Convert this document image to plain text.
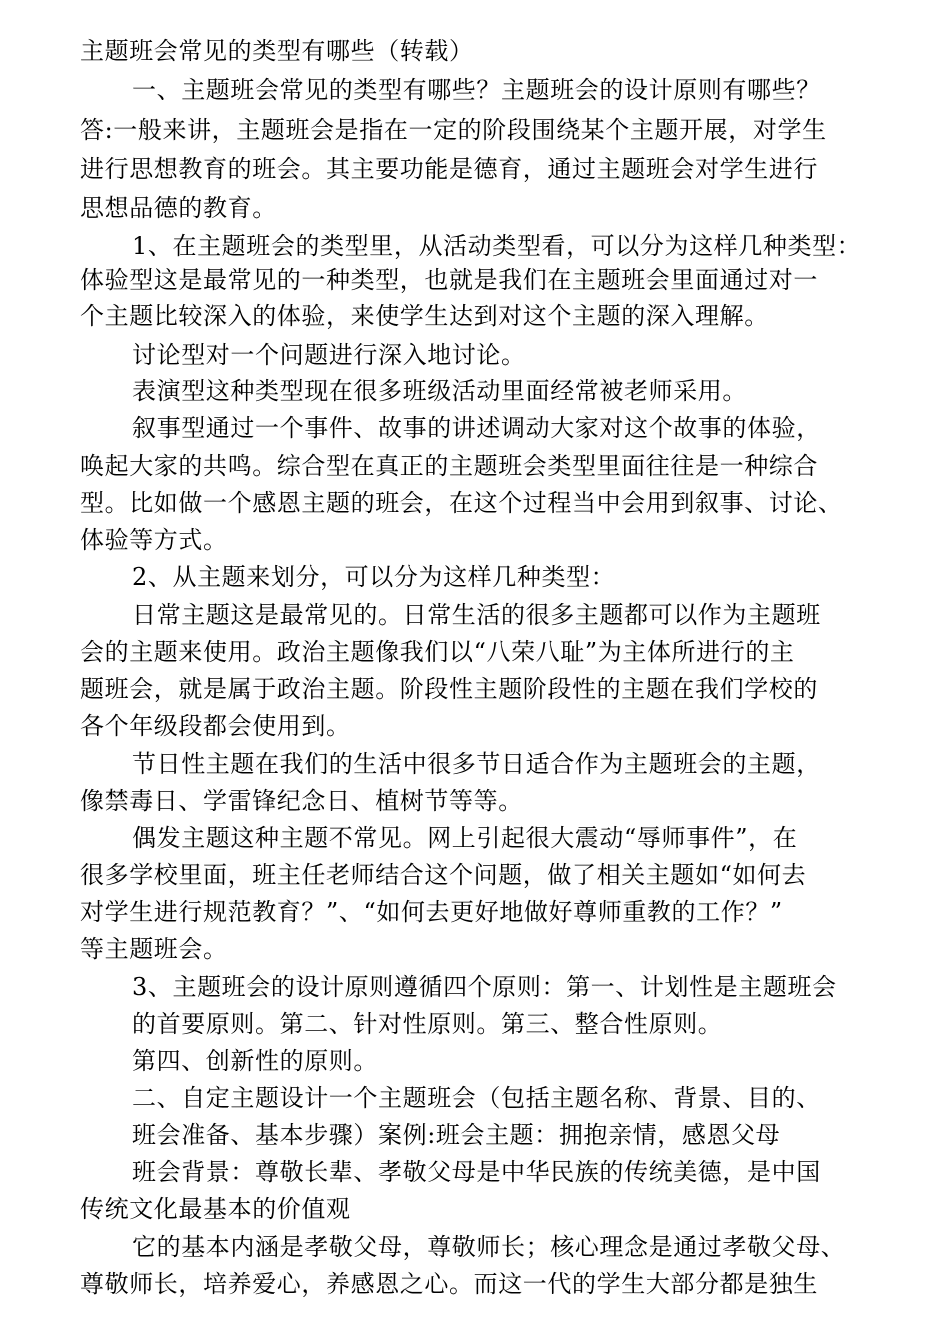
主题班会常见的类型有哪些（转载）
一、主题班会常见的类型有哪些？主题班会的设计原则有哪些？
答:一般来讲，主题班会是指在一定的阶段围绕某个主题开展，对学生
进行思想教育的班会。其主要功能是德育，通过主题班会对学生进行
思想品德的教育。
1、在主题班会的类型里，从活动类型看，可以分为这样几种类型：
体验型这是最常见的一种类型，也就是我们在主题班会里面通过对一
个主题比较深入的体验，来使学生达到对这个主题的深入理解。
讨论型对一个问题进行深入地讨论。
表演型这种类型现在很多班级活动里面经常被老师采用。
叙事型通过一个事件、故事的讲述调动大家对这个故事的体验，
唤起大家的共鸣。综合型在真正的主题班会类型里面往往是一种综合
型。比如做一个感恩主题的班会，在这个过程当中会用到叙事、讨论、
体验等方式。
2、从主题来划分，可以分为这样几种类型：
日常主题这是最常见的。日常生活的很多主题都可以作为主题班
会的主题来使用。政治主题像我们以“八荣八耻”为主体所进行的主
题班会，就是属于政治主题。阶段性主题阶段性的主题在我们学校的
各个年级段都会使用到。
节日性主题在我们的生活中很多节日适合作为主题班会的主题，
像禁毒日、学雷锋纪念日、植树节等等。
偶发主题这种主题不常见。网上引起很大震动“辱师事件”，在
很多学校里面，班主任老师结合这个问题，做了相关主题如“如何去
对学生进行规范教育？”、“如何去更好地做好尊师重教的工作？”
等主题班会。
3、主题班会的设计原则遵循四个原则：第一、计划性是主题班会
的首要原则。第二、针对性原则。第三、整合性原则。
第四、创新性的原则。
二、自定主题设计一个主题班会（包括主题名称、背景、目的、
班会准备、基本步骤）案例:班会主题：拥抱亲情，感恩父母
班会背景：尊敬长辈、孝敬父母是中华民族的传统美德，是中国
传统文化最基本的价值观
它的基本内涵是孝敬父母，尊敬师长；核心理念是通过孝敬父母、
尊敬师长，培养爱心，养感恩之心。而这一代的学生大部分都是独生
